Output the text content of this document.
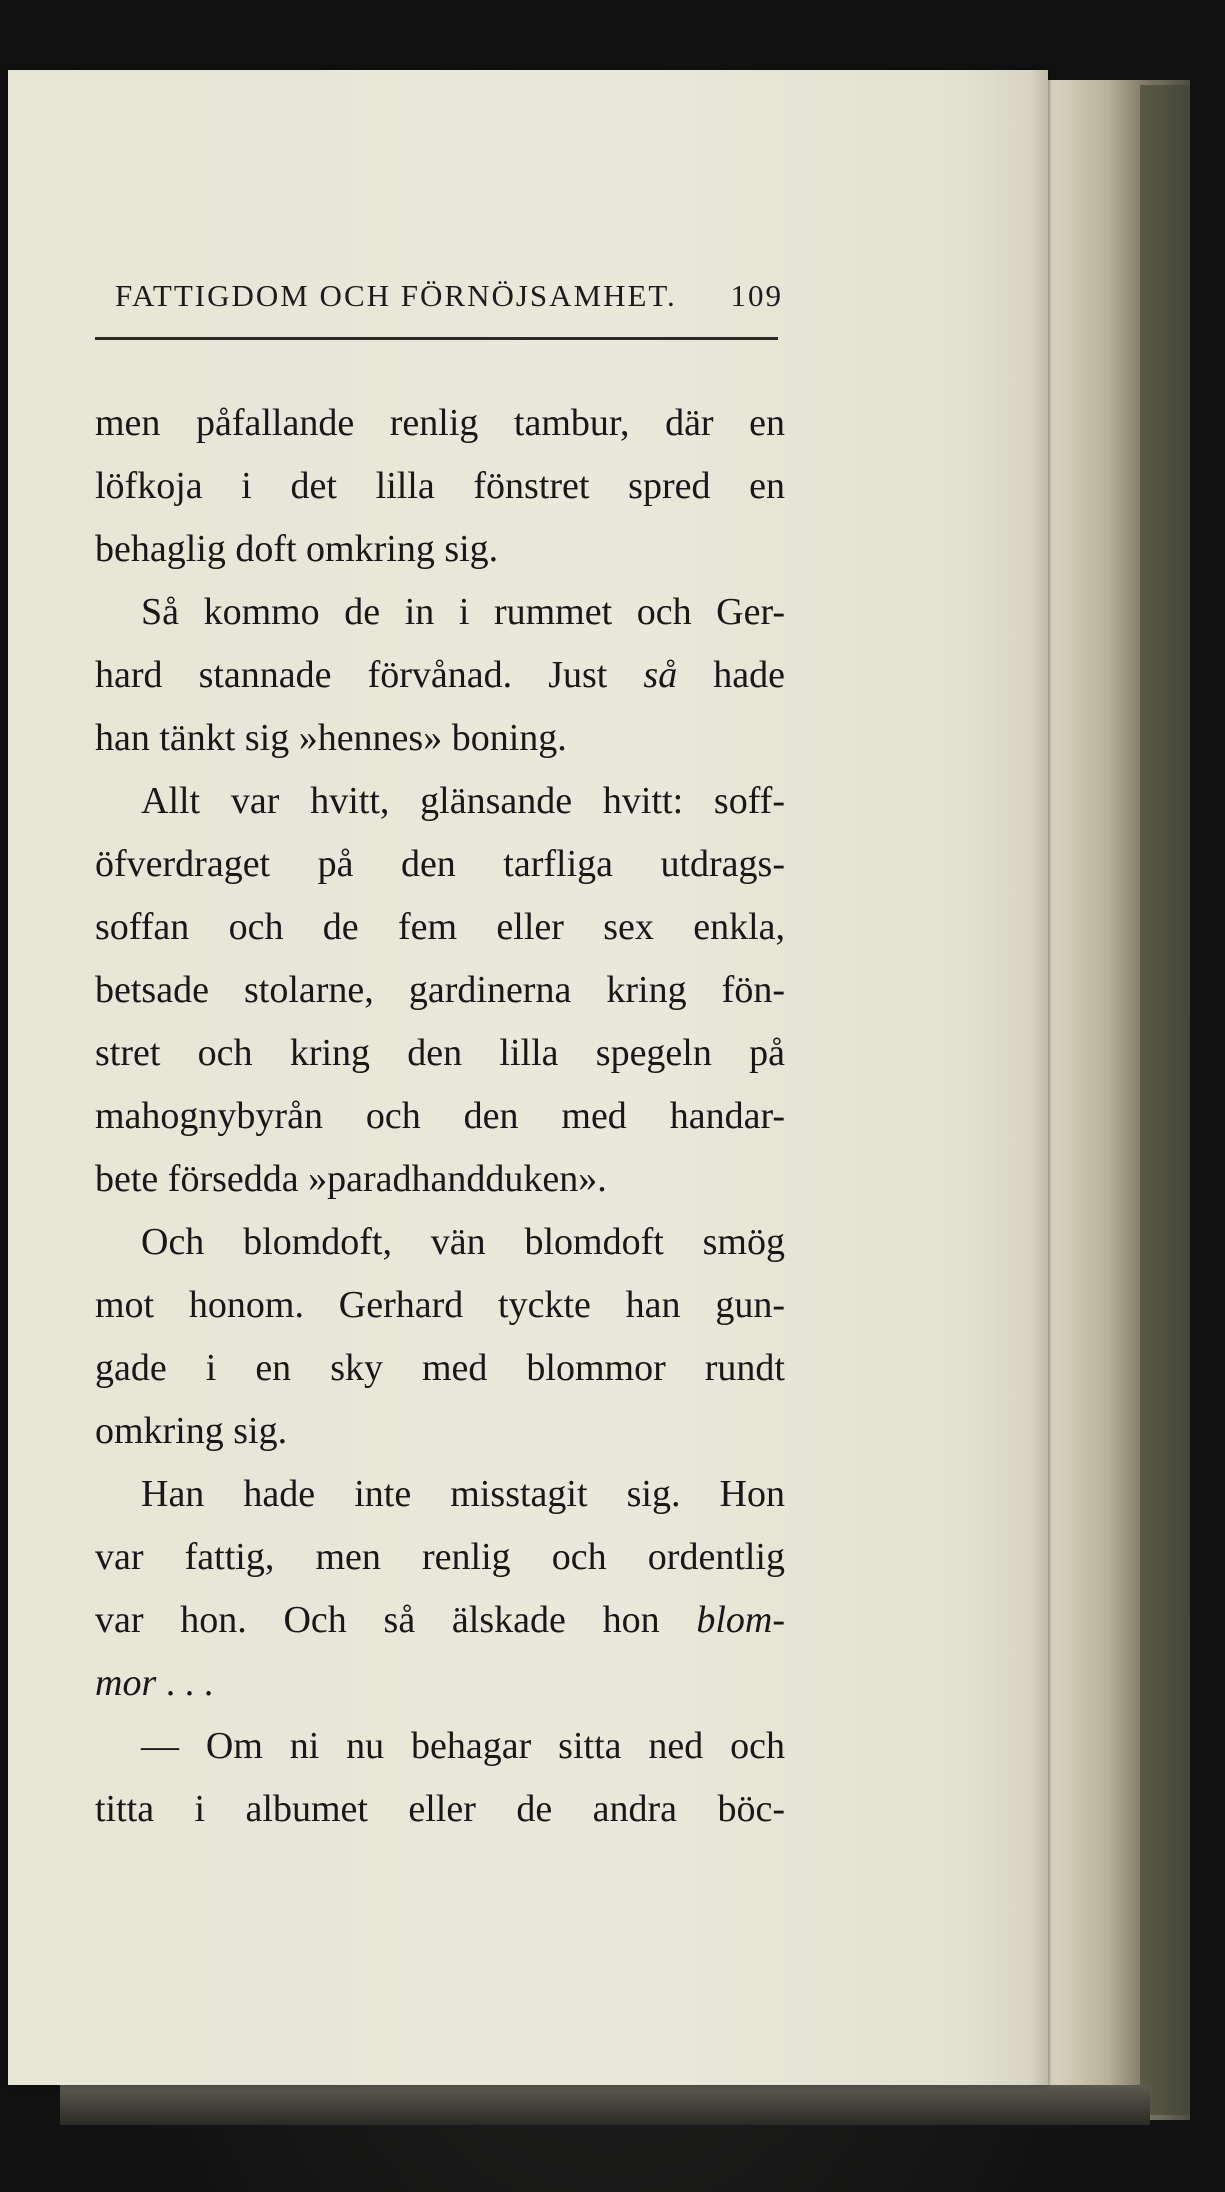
FATTIGDOM OCH FÖRNÖJSAMHET. 109
men påfallande renlig tambur, där en
löfkoja i det lilla fönstret spred en
behaglig doft omkring sig.
Så kommo de in i rummet och Ger-
hard stannade förvånad. Just så hade
han tänkt sig »hennes» boning.
Allt var hvitt, glänsande hvitt: soff-
öfverdraget på den tarfliga utdrags-
soffan och de fem eller sex enkla,
betsade stolarne, gardinerna kring fön-
stret och kring den lilla spegeln på
mahognybyrån och den med handar-
bete försedda »paradhandduken».
Och blomdoft, vän blomdoft smög
mot honom. Gerhard tyckte han gun-
gade i en sky med blommor rundt
omkring sig.
Han hade inte misstagit sig. Hon
var fattig, men renlig och ordentlig
var hon. Och så älskade hon blom-
mor . . .
— Om ni nu behagar sitta ned och
titta i albumet eller de andra böc-
